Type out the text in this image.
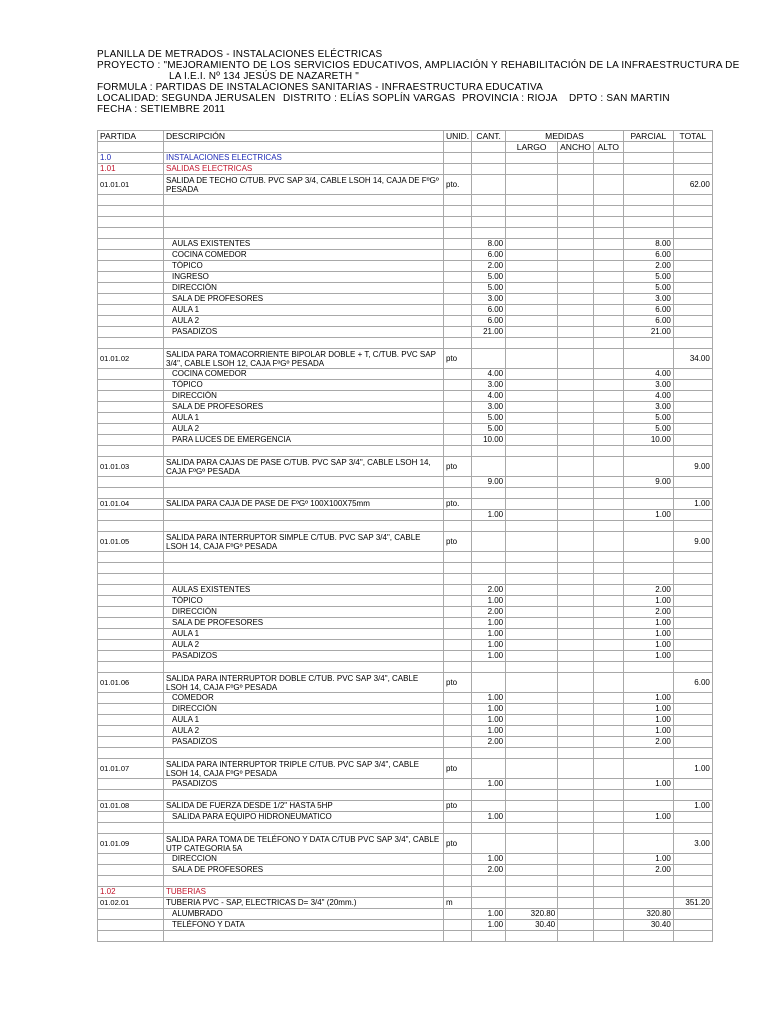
PLANILLA DE METRADOS - INSTALACIONES ELÉCTRICAS
PROYECTO : "MEJORAMIENTO DE LOS SERVICIOS EDUCATIVOS, AMPLIACIÓN Y REHABILITACIÓN DE LA INFRAESTRUCTURA DE
LA I.E.I. Nº 134 JESÚS DE NAZARETH "
FORMULA : PARTIDAS DE INSTALACIONES SANITARIAS - INFRAESTRUCTURA EDUCATIVA
LOCALIDAD: SEGUNDA JERUSALEN DISTRITO : ELÍAS SOPLÍN VARGAS PROVINCIA : RIOJA DPTO : SAN MARTIN
FECHA : SETIEMBRE 2011
PARTIDA	DESCRIPCIÓN	UNID.	CANT.	MEDIDAS			PARCIAL	TOTAL
				LARGO	ANCHO	ALTO		
1.0	INSTALACIONES ELECTRICAS							
1.01	SALIDAS ELECTRICAS							
01.01.01	SALIDA DE TECHO C/TUB. PVC SAP 3/4, CABLE LSOH 14, CAJA DE FºGº PESADA	pto.						62.00

	AULAS EXISTENTES		8.00				8.00	
	COCINA COMEDOR		6.00				6.00	
	TÓPICO		2.00				2.00	
	INGRESO		5.00				5.00	
	DIRECCIÓN		5.00				5.00	
	SALA DE PROFESORES		3.00				3.00	
	AULA 1		6.00				6.00	
	AULA 2		6.00				6.00	
	PASADIZOS		21.00				21.00	

01.01.02	SALIDA PARA TOMACORRIENTE BIPOLAR DOBLE + T, C/TUB. PVC SAP 3/4", CABLE LSOH 12, CAJA FºGº PESADA	pto						34.00
	COCINA COMEDOR		4.00				4.00	
	TÓPICO		3.00				3.00	
	DIRECCIÓN		4.00				4.00	
	SALA DE PROFESORES		3.00				3.00	
	AULA 1		5.00				5.00	
	AULA 2		5.00				5.00	
	PARA LUCES DE EMERGENCIA		10.00				10.00	

01.01.03	SALIDA PARA CAJAS DE PASE C/TUB. PVC SAP 3/4", CABLE LSOH 14, CAJA FºGº PESADA	pto						9.00
			9.00				9.00	

01.01.04	SALIDA PARA CAJA DE PASE DE FºGº 100X100X75mm	pto.						1.00
			1.00				1.00	

01.01.05	SALIDA PARA INTERRUPTOR SIMPLE C/TUB. PVC SAP 3/4", CABLE LSOH 14, CAJA FºGº PESADA	pto						9.00

	AULAS EXISTENTES		2.00				2.00	
	TÓPICO		1.00				1.00	
	DIRECCIÓN		2.00				2.00	
	SALA DE PROFESORES		1.00				1.00	
	AULA 1		1.00				1.00	
	AULA 2		1.00				1.00	
	PASADIZOS		1.00				1.00	

01.01.06	SALIDA PARA INTERRUPTOR DOBLE C/TUB. PVC SAP 3/4", CABLE LSOH 14, CAJA FºGº PESADA	pto						6.00
	COMEDOR		1.00				1.00	
	DIRECCIÓN		1.00				1.00	
	AULA 1		1.00				1.00	
	AULA 2		1.00				1.00	
	PASADIZOS		2.00				2.00	

01.01.07	SALIDA PARA INTERRUPTOR TRIPLE C/TUB. PVC SAP 3/4", CABLE LSOH 14, CAJA FºGº PESADA	pto						1.00
	PASADIZOS		1.00				1.00	

01.01.08	SALIDA DE FUERZA DESDE 1/2" HASTA 5HP	pto						1.00
	SALIDA PARA EQUIPO HIDRONEUMATICO		1.00				1.00	

01.01.09	SALIDA PARA TOMA DE TELÉFONO Y DATA C/TUB PVC SAP 3/4", CABLE UTP CATEGORIA 5A	pto						3.00
	DIRECCION		1.00				1.00	
	SALA DE PROFESORES		2.00				2.00	

1.02	TUBERIAS							
01.02.01	TUBERIA PVC - SAP, ELECTRICAS D= 3/4" (20mm.)	m						351.20
	ALUMBRADO		1.00	320.80			320.80	
	TELÉFONO Y DATA		1.00	30.40			30.40	
